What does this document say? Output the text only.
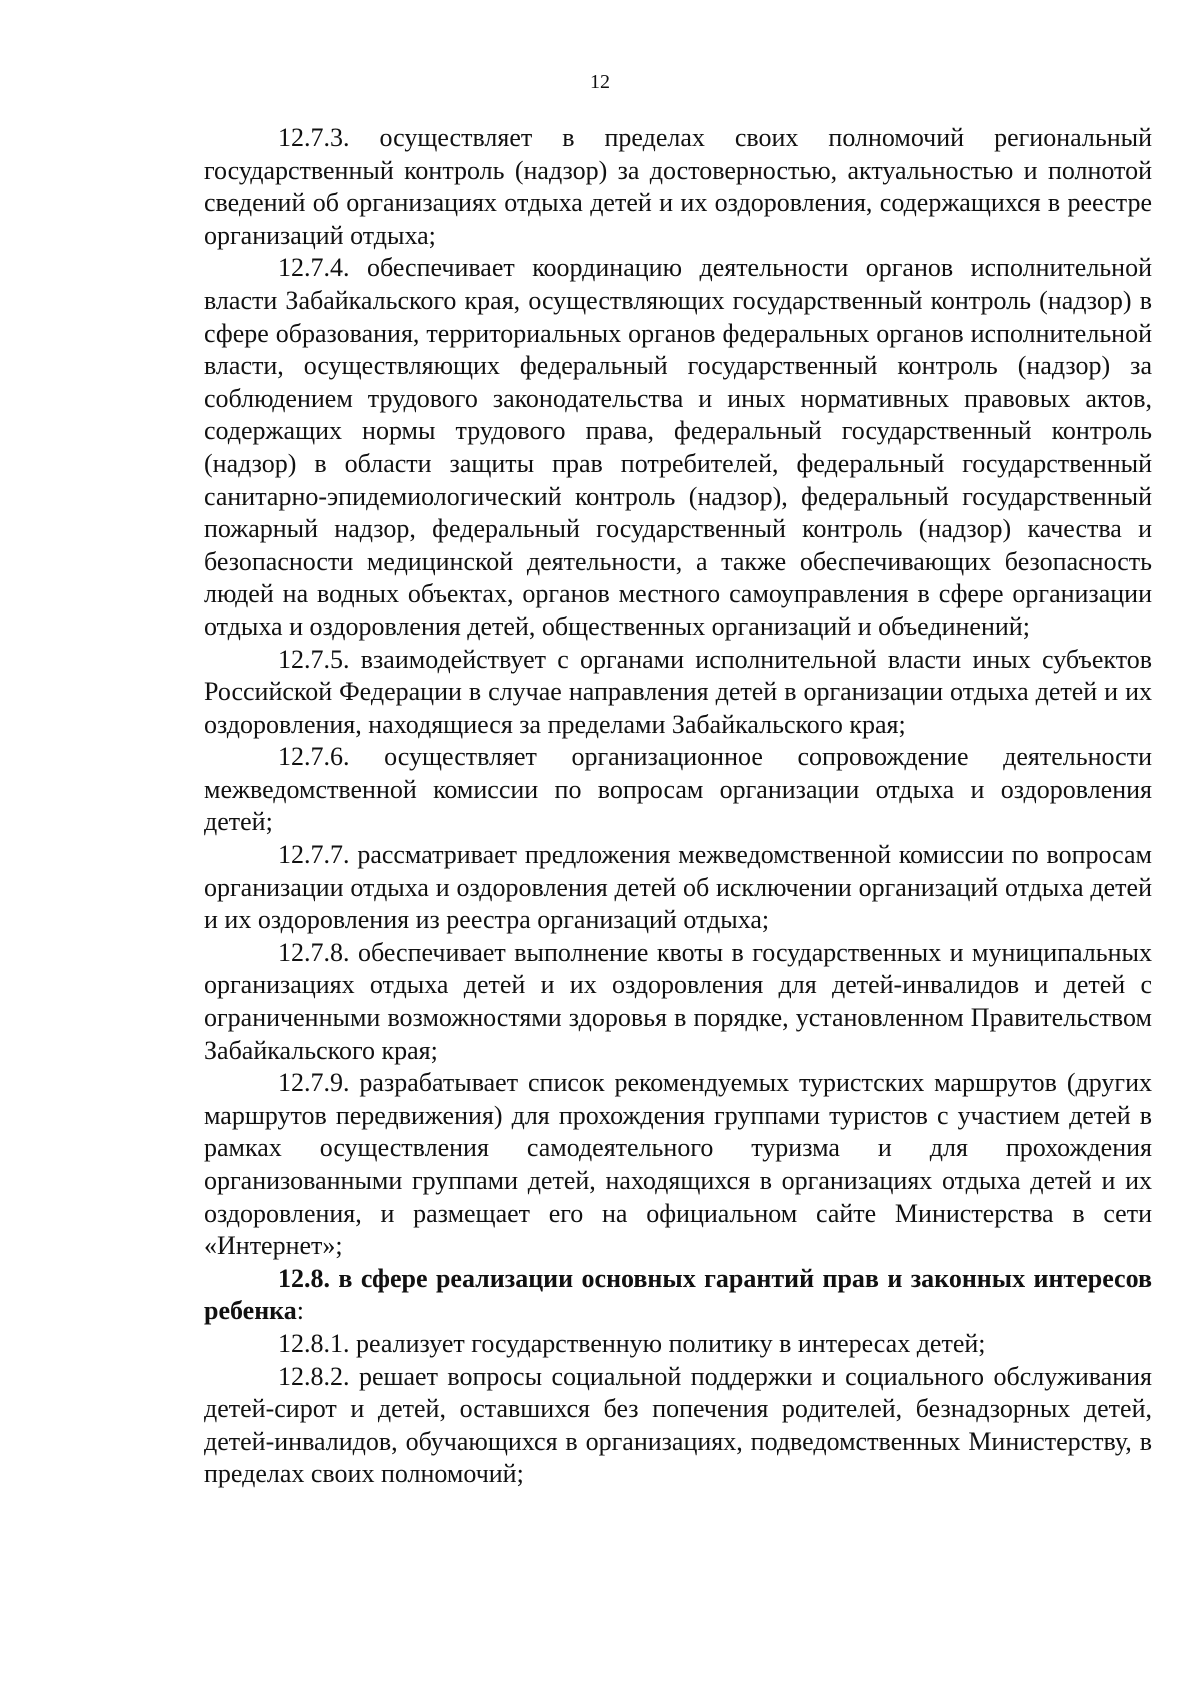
12

12.7.3. осуществляет в пределах своих полномочий региональный государственный контроль (надзор) за достоверностью, актуальностью и полнотой сведений об организациях отдыха детей и их оздоровления, содержащихся в реестре организаций отдыха;

12.7.4. обеспечивает координацию деятельности органов исполнительной власти Забайкальского края, осуществляющих государственный контроль (надзор) в сфере образования, территориальных органов федеральных органов исполнительной власти, осуществляющих федеральный государственный контроль (надзор) за соблюдением трудового законодательства и иных нормативных правовых актов, содержащих нормы трудового права, федеральный государственный контроль (надзор) в области защиты прав потребителей, федеральный государственный санитарно-эпидемиологический контроль (надзор), федеральный государственный пожарный надзор, федеральный государственный контроль (надзор) качества и безопасности медицинской деятельности, а также обеспечивающих безопасность людей на водных объектах, органов местного самоуправления в сфере организации отдыха и оздоровления детей, общественных организаций и объединений;

12.7.5. взаимодействует с органами исполнительной власти иных субъектов Российской Федерации в случае направления детей в организации отдыха детей и их оздоровления, находящиеся за пределами Забайкальского края;

12.7.6. осуществляет организационное сопровождение деятельности межведомственной комиссии по вопросам организации отдыха и оздоровления детей;

12.7.7. рассматривает предложения межведомственной комиссии по вопросам организации отдыха и оздоровления детей об исключении организаций отдыха детей и их оздоровления из реестра организаций отдыха;

12.7.8. обеспечивает выполнение квоты в государственных и муниципальных организациях отдыха детей и их оздоровления для детей-инвалидов и детей с ограниченными возможностями здоровья в порядке, установленном Правительством Забайкальского края;

12.7.9. разрабатывает список рекомендуемых туристских маршрутов (других маршрутов передвижения) для прохождения группами туристов с участием детей в рамках осуществления самодеятельного туризма и для прохождения организованными группами детей, находящихся в организациях отдыха детей и их оздоровления, и размещает его на официальном сайте Министерства в сети «Интернет»;

12.8. в сфере реализации основных гарантий прав и законных интересов ребенка:

12.8.1. реализует государственную политику в интересах детей;

12.8.2. решает вопросы социальной поддержки и социального обслуживания детей-сирот и детей, оставшихся без попечения родителей, безнадзорных детей, детей-инвалидов, обучающихся в организациях, подведомственных Министерству, в пределах своих полномочий;
